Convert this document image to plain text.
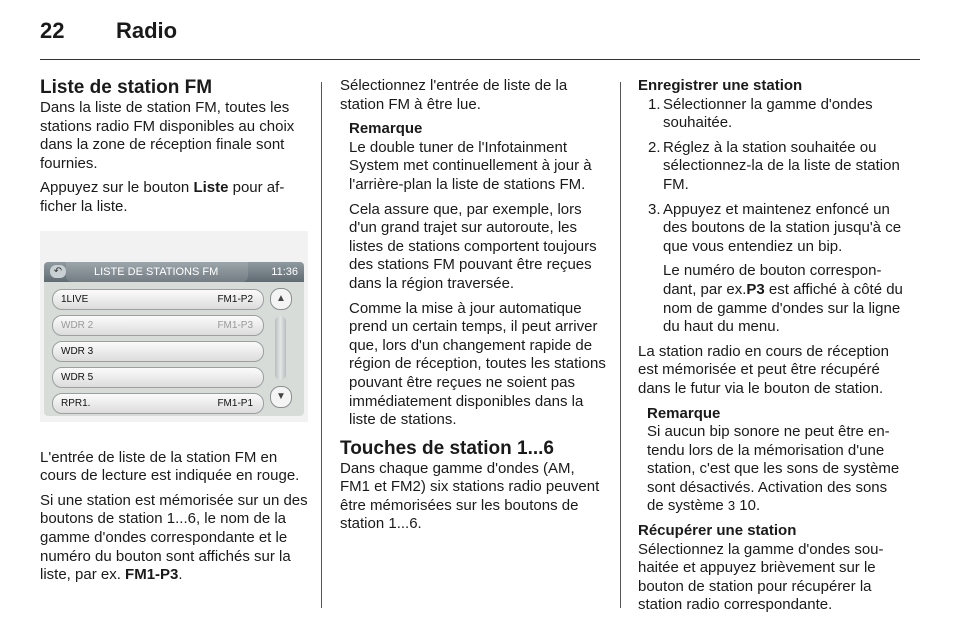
22 Radio
Liste de station FM

Dans la liste de station FM, toutes les stations radio FM disponibles au choix dans la zone de réception finale sont fournies.

Appuyez sur le bouton Liste pour afficher la liste.

↶	LISTE DE STATIONS FM	11:36
1LIVE	FM1-P2
WDR 2	FM1-P3
WDR 3
WDR 5
RPR1.	FM1-P1
▲
▼

L'entrée de liste de la station FM en cours de lecture est indiquée en rouge.

Si une station est mémorisée sur un des boutons de station 1...6, le nom de la gamme d'ondes correspondante et le numéro du bouton sont affichés sur la liste, par ex. FM1-P3.

Sélectionnez l'entrée de liste de la station FM à être lue.

Remarque

Le double tuner de l'Infotainment System met continuellement à jour à l'arrière-plan la liste de stations FM.

Cela assure que, par exemple, lors d'un grand trajet sur autoroute, les listes de stations comportent toujours des stations FM pouvant être reçues dans la région traversée.

Comme la mise à jour automatique prend un certain temps, il peut arriver que, lors d'un changement rapide de région de réception, toutes les stations pouvant être reçues ne soient pas immédiatement disponibles dans la liste de stations.

Touches de station 1...6

Dans chaque gamme d'ondes (AM, FM1 et FM2) six stations radio peuvent être mémorisées sur les boutons de station 1...6.

Enregistrer une station
1. Sélectionner la gamme d'ondes souhaitée.
2. Réglez à la station souhaitée ou sélectionnez-la de la liste de station FM.
3. Appuyez et maintenez enfoncé un des boutons de la station jusqu'à ce que vous entendiez un bip.

Le numéro de bouton correspondant, par ex.P3 est affiché à côté du nom de gamme d'ondes sur la ligne du haut du menu.

La station radio en cours de réception est mémorisée et peut être récupéré dans le futur via le bouton de station.

Remarque

Si aucun bip sonore ne peut être entendu lors de la mémorisation d'une station, c'est que les sons de système sont désactivés. Activation des sons de système 3 10.

Récupérer une station

Sélectionnez la gamme d'ondes souhaitée et appuyez brièvement sur le bouton de station pour récupérer la station radio correspondante.
